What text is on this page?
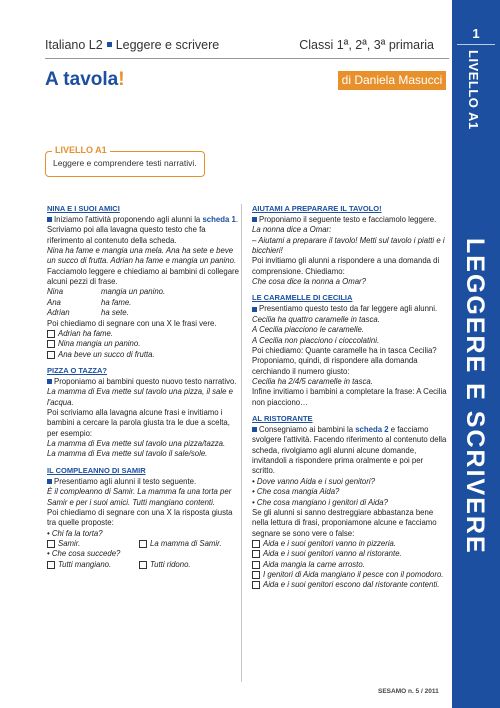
1
LIVELLO A1
LEGGERE E SCRIVERE
Italiano L2 Leggere e scrivere	Classi 1ª, 2ª, 3ª primaria
A tavola!	di Daniela Masucci
LIVELLO A1
Leggere e comprendere testi narrativi.
NINA E I SUOI AMICI

Iniziamo l'attività proponendo agli alunni la scheda 1. Scriviamo poi alla lavagna questo testo che fa riferimento al contenuto della scheda.

Nina ha fame e mangia una mela. Ana ha sete e beve un succo di frutta. Adrian ha fame e mangia un panino.

Facciamolo leggere e chiediamo ai bambini di collegare alcuni pezzi di frase.

Nina	mangia un panino.
Ana	ha fame.
Adrian	ha sete.

Poi chiediamo di segnare con una X le frasi vere.

Adrian ha fame.

Nina mangia un panino.

Ana beve un succo di frutta.

PIZZA O TAZZA?

Proponiamo ai bambini questo nuovo testo narrativo.

La mamma di Eva mette sul tavolo una pizza, il sale e l'acqua.

Poi scriviamo alla lavagna alcune frasi e invitiamo i bambini a cercare la parola giusta tra le due a scelta, per esempio:

La mamma di Eva mette sul tavolo una pizza/tazza.

La mamma di Eva mette sul tavolo il sale/sole.

IL COMPLEANNO DI SAMIR

Presentiamo agli alunni il testo seguente.

È il compleanno di Samir. La mamma fa una torta per Samir e per i suoi amici. Tutti mangiano contenti.

Poi chiediamo di segnare con una X la risposta giusta tra quelle proposte:

• Chi fa la torta?

Samir.	La mamma di Samir.

• Che cosa succede?

Tutti mangiano.	Tutti ridono.
AIUTAMI A PREPARARE IL TAVOLO!

Proponiamo il seguente testo e facciamolo leggere.

La nonna dice a Omar:

– Aiutami a preparare il tavolo! Metti sul tavolo i piatti e i bicchieri!

Poi invitiamo gli alunni a rispondere a una domanda di comprensione. Chiediamo:

Che cosa dice la nonna a Omar?

LE CARAMELLE DI CECILIA

Presentiamo questo testo da far leggere agli alunni.

Cecilia ha quattro caramelle in tasca.

A Cecilia piacciono le caramelle.

A Cecilia non piacciono i cioccolatini.

Poi chiediamo: Quante caramelle ha in tasca Cecilia? Proponiamo, quindi, di rispondere alla domanda cerchiando il numero giusto:

Cecilia ha 2/4/5 caramelle in tasca.

Infine invitiamo i bambini a completare la frase: A Cecilia non piacciono…

AL RISTORANTE

Consegniamo ai bambini la scheda 2 e facciamo svolgere l'attività. Facendo riferimento al contenuto della scheda, rivolgiamo agli alunni alcune domande, invitandoli a rispondere prima oralmente e poi per scritto.

• Dove vanno Aida e i suoi genitori?

• Che cosa mangia Aida?

• Che cosa mangiano i genitori di Aida?

Se gli alunni si sanno destreggiare abbastanza bene nella lettura di frasi, proponiamone alcune e facciamo segnare se sono vere o false:

Aida e i suoi genitori vanno in pizzeria.

Aida e i suoi genitori vanno al ristorante.

Aida mangia la carne arrosto.

I genitori di Aida mangiano il pesce con il pomodoro.

Aida e i suoi genitori escono dal ristorante contenti.

SESAMO n. 5 / 2011
